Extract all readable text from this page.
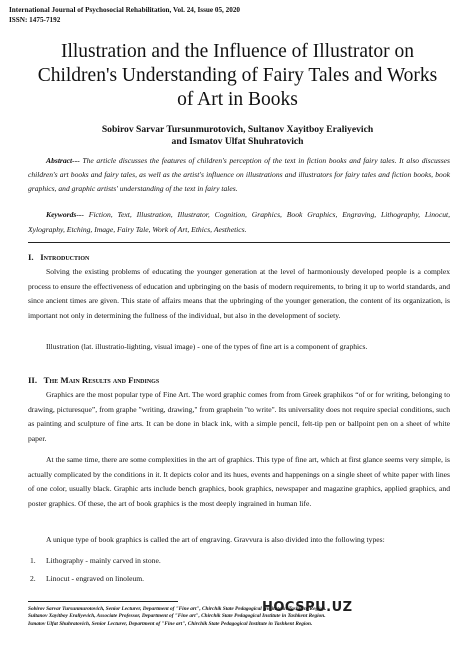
International Journal of Psychosocial Rehabilitation, Vol. 24, Issue 05, 2020
ISSN: 1475-7192
Illustration and the Influence of Illustrator on
Children's Understanding of Fairy Tales and Works
of Art in Books
Sobirov Sarvar Tursunmurotovich, Sultanov Xayitboy Eraliyevich
and Ismatov Ulfat Shuhratovich
Abstract--- The article discusses the features of children's perception of the text in fiction books and fairy tales. It also discusses children's art books and fairy tales, as well as the artist's influence on illustrations and illustrators for fairy tales and fiction books, book graphics, and graphic artists' understanding of the text in fairy tales.
Keywords--- Fiction, Text, Illustration, Illustrator, Cognition, Graphics, Book Graphics, Engraving, Lithography, Linocut, Xylography, Etching, Image, Fairy Tale, Work of Art, Ethics, Aesthetics.
I. Introduction
Solving the existing problems of educating the younger generation at the level of harmoniously developed people is a complex process to ensure the effectiveness of education and upbringing on the basis of modern requirements, to bring it up to world standards, and since ancient times are given. This state of affairs means that the upbringing of the younger generation, the content of its organization, is important not only in determining the fullness of the individual, but also in the development of society.
Illustration (lat. illustratio-lighting, visual image) - one of the types of fine art is a component of graphics.
II. The Main Results and Findings
Graphics are the most popular type of Fine Art. The word graphic comes from from Greek graphikos “of or for writing, belonging to drawing, picturesque”, from graphe "writing, drawing," from graphein "to write". Its universality does not require special conditions, such as painting and sculpture of fine arts. It can be done in black ink, with a simple pencil, felt-tip pen or ballpoint pen on a sheet of white paper.
At the same time, there are some complexities in the art of graphics. This type of fine art, which at first glance seems very simple, is actually complicated by the conditions in it. It depicts color and its hues, events and happenings on a single sheet of white paper with lines of one color, usually black. Graphic arts include bench graphics, book graphics, newspaper and magazine graphics, applied graphics, and poster graphics. Of these, the art of book graphics is the most deeply ingrained in human life.
A unique type of book graphics is called the art of engraving. Gravvura is also divided into the following types:
1. Lithography - mainly carved in stone.
2. Linocut - engraved on linoleum.
Sobirov Sarvar Tursunmurotovich, Senior Lecturer, Department of "Fine art", Chirchik State Pedagogical Institute in Tashkent Region.
Sultanov Xayitboy Eraliyevich, Associate Professor, Department of "Fine art", Chirchik State Pedagogical Institute in Tashkent Region.
Ismatov Ulfat Shuhratovich, Senior Lecturer, Department of "Fine art", Chirchik State Pedagogical Institute in Tashkent Region.
HOCSPU.UZ
